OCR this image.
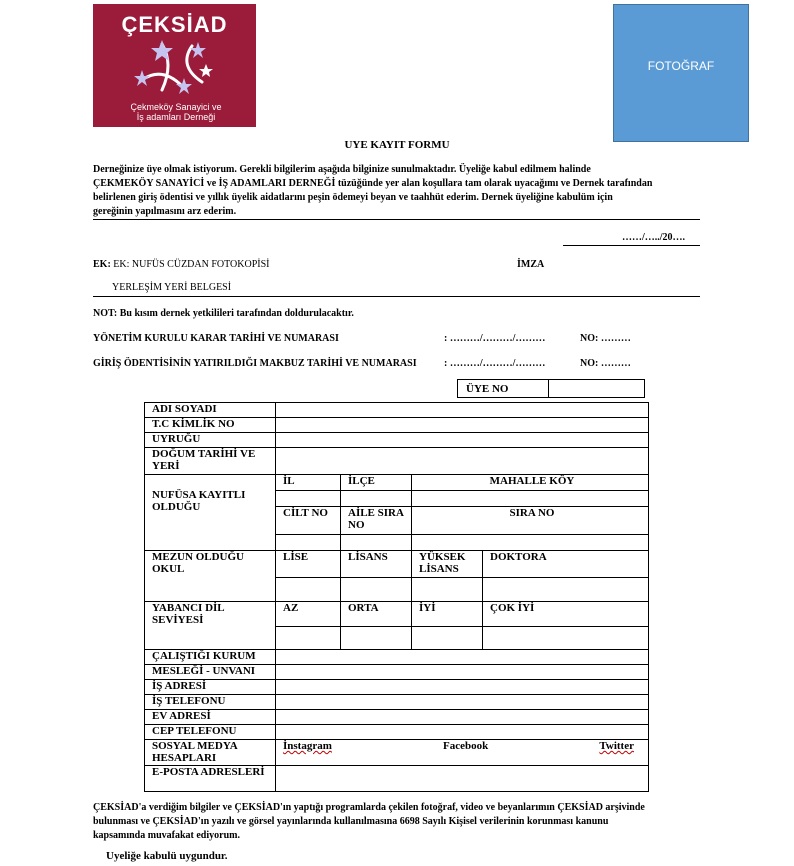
ÇEKSİAD
Çekmeköy Sanayici ve
İş adamları Derneği
FOTOĞRAF
UYE KAYIT FORMU
Derneğinize üye olmak istiyorum. Gerekli bilgilerim aşağıda bilginize sunulmaktadır. Üyeliğe kabul edilmem halinde
ÇEKMEKÖY SANAYİCİ ve İŞ ADAMLARI DERNEĞİ tüzüğünde yer alan koşullara tam olarak uyacağımı ve Dernek tarafından
belirlenen giriş ödentisi ve yıllık üyelik aidatlarını peşin ödemeyi beyan ve taahhüt ederim. Dernek üyeliğine kabulüm için
gereğinin yapılmasını arz ederim.
……/…../20….
EK: EK: NUFÜS CÜZDAN FOTOKOPİSİ	İMZA
YERLEŞİM YERİ BELGESİ
NOT: Bu kısım dernek yetkilileri tarafından doldurulacaktır.
YÖNETİM KURULU KARAR TARİHİ VE NUMARASI	: ………/………/………	NO: ………
GİRİŞ ÖDENTİSİNİN YATIRILDIĞI MAKBUZ TARİHİ VE NUMARASI	: ………/………/………	NO: ………
ÜYE NO	
ADI SOYADI				
T.C KİMLİK NO				
UYRUĞU				
DOĞUM TARİHİ VE YERİ				
NUFÜSA KAYITLI OLDUĞU	İL	İLÇE	MAHALLE KÖY	

	CİLT NO	AİLE SIRA NO	SIRA NO	

MEZUN OLDUĞU OKUL	LİSE	LİSANS	YÜKSEK LİSANS	DOKTORA

YABANCI DİL SEVİYESİ	AZ	ORTA	İYİ	ÇOK İYİ

ÇALIŞTIĞI KURUM				
MESLEĞİ - UNVANI				
İŞ ADRESİ				
İŞ TELEFONU				
EV ADRESİ				
CEP TELEFONU				
SOSYAL MEDYA HESAPLARI	İnstagram Facebook Twitter			

E-POSTA ADRESLERİ				
ÇEKSİAD'a verdiğim bilgiler ve ÇEKSİAD'ın yaptığı programlarda çekilen fotoğraf, video ve beyanlarımın ÇEKSİAD arşivinde
bulunması ve ÇEKSİAD'ın yazılı ve görsel yayınlarında kullanılmasına 6698 Sayılı Kişisel verilerinin korunması kanunu
kapsamında muvafakat ediyorum.
Uyeliğe kabulü uygundur.
